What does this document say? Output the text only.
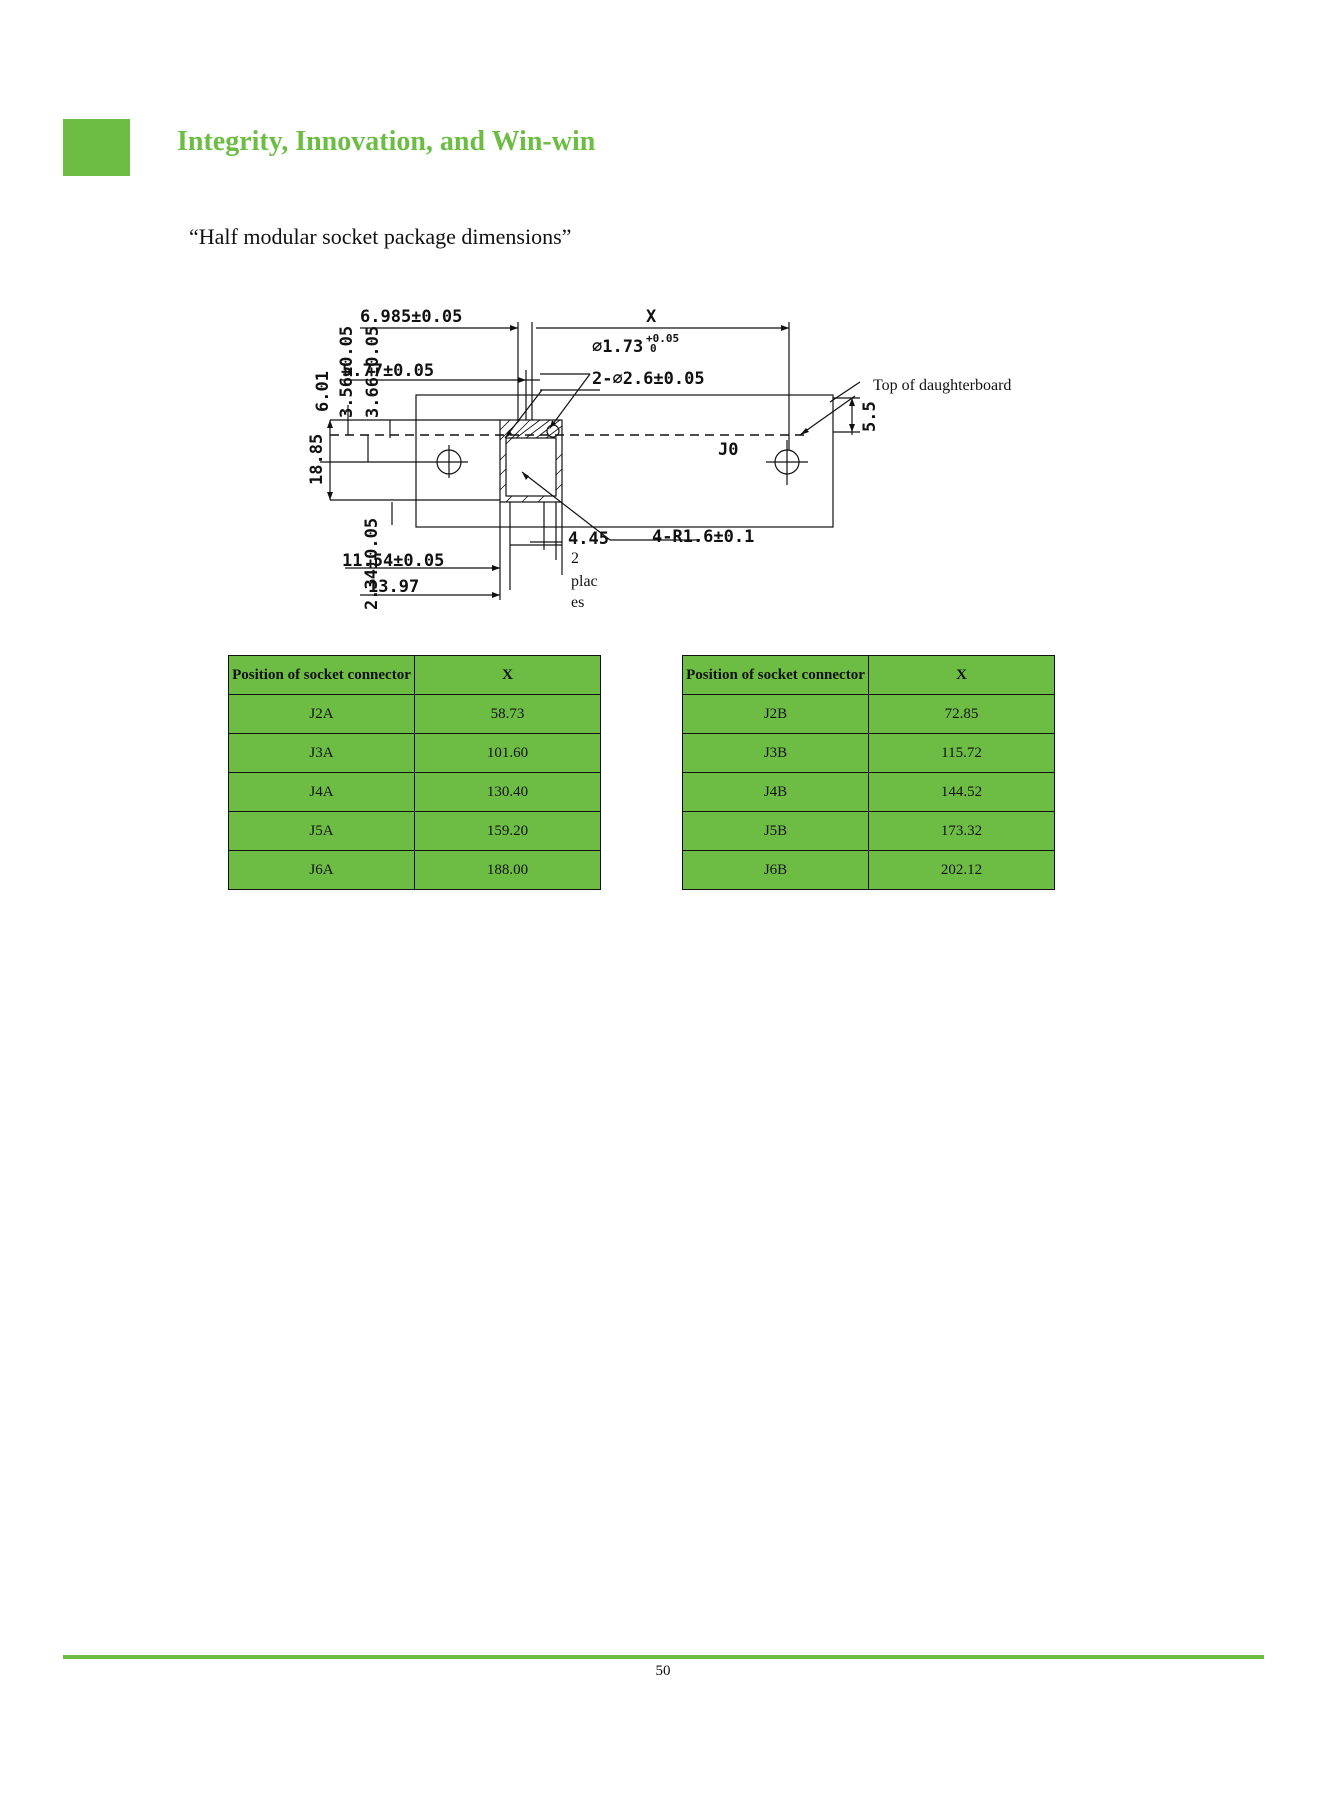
Integrity, Innovation, and Win-win
“Half modular socket package dimensions”
6.985±0.05	X
⌀1.73 +0.05
0
5.77±0.05	2-⌀2.6±0.05	Top of daughterboard
5.5
J0
6.01 3.56±0.05 3.66±0.05
18.85
2.34±0.05	4.45	4-R1.6±0.1
11.54±0.05
13.97
2
plac
es
Position of socket connector	X
J2A	58.73
J3A	101.60
J4A	130.40
J5A	159.20
J6A	188.00
Position of socket connector	X
J2B	72.85
J3B	115.72
J4B	144.52
J5B	173.32
J6B	202.12
50
